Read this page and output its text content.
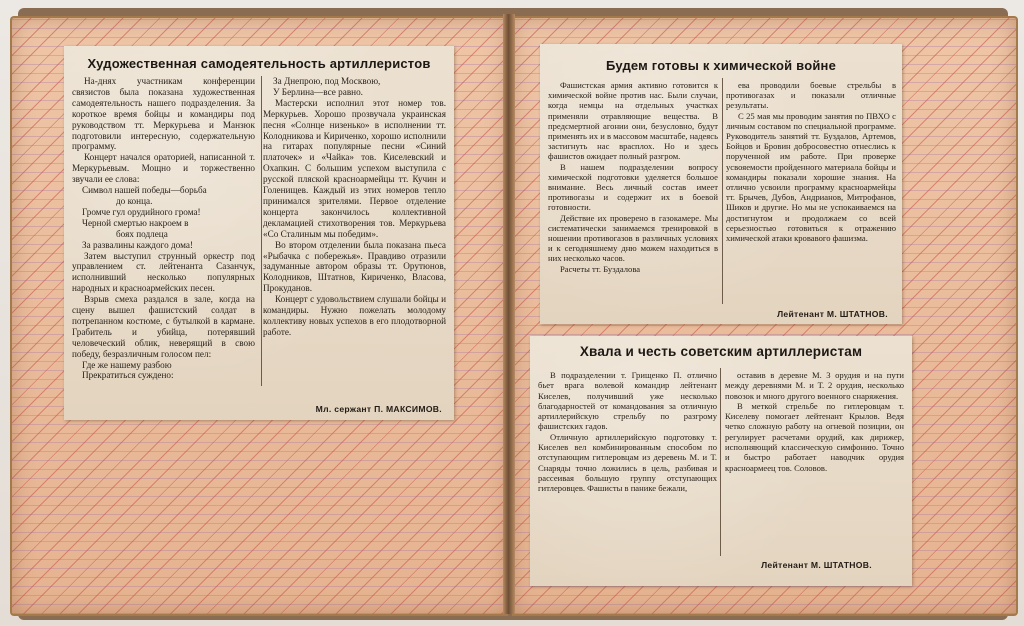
Художественная самодеятельность артиллеристов

На-днях участникам конференции связистов была показана художественная самодеятельность нашего подразделения. За короткое время бойцы и командиры под руководством тт. Меркурьева и Манзюк подготовили интересную, содержательную программу.

Концерт начался ораторией, написанной т. Меркурьевым. Мощно и торжественно звучали ее слова:

Символ нашей победы—борьба

до конца.

Громче гул орудийного грома!

Черной смертью накроем в

боях подлеца

За развалины каждого дома!

Затем выступил струнный оркестр под управлением ст. лейтенанта Сазанчук, исполнивший несколько популярных народных и красноармейских песен.

Взрыв смеха раздался в зале, когда на сцену вышел фашистский солдат в потрепанном костюме, с бутылкой в кармане. Грабитель и убийца, потерявший человеческий облик, неверящий в свою победу, безразличным голосом пел:

Где же нашему разбою

Прекратиться суждено:

За Днепрою, под Москвою,

У Берлина—все равно.

Мастерски исполнил этот номер тов. Меркурьев. Хорошо прозвучала украинская песня «Солнце низенько» в исполнении тт. Колодникова и Кириченко, хорошо исполнили на гитарах популярные песни «Синий платочек» и «Чайка» тов. Киселевский и Охапкин. С большим успехом выступила с русской пляской красноармейцы тт. Кучин и Голенищев. Каждый из этих номеров тепло принимался зрителями. Первое отделение концерта закончилось коллективной декламацией стихотворения тов. Меркурьева «Со Сталиным мы победим».

Во втором отделении была показана пьеса «Рыбачка с побережья». Правдиво отразили задуманные автором образы тт. Орутюнов, Колодников, Штатнов, Кириченко, Власова, Прокуданов.

Концерт с удовольствием слушали бойцы и командиры. Нужно пожелать молодому коллективу новых успехов в его плодотворной работе.

Мл. сержант П. МАКСИМОВ.
Будем готовы к химической войне

Фашистская армия активно готовится к химической войне против нас. Были случаи, когда немцы на отдельных участках применяли отравляющие вещества. В предсмертной агонии они, безусловно, будут применять их и в массовом масштабе, надеясь застигнуть нас врасплох. Но и здесь фашистов ожидает полный разгром.

В нашем подразделении вопросу химической подготовки уделяется большое внимание. Весь личный состав имеет противогазы и содержит их в боевой готовности.

Действие их проверено в газокамере. Мы систематически занимаемся тренировкой в ношении противогазов в различных условиях и к сегодняшнему дню можем находиться в них несколько часов.

Расчеты тт. Буздалова

ева проводили боевые стрельбы в противогазах и показали отличные результаты.

С 25 мая мы проводим занятия по ПВХО с личным составом по специальной программе. Руководитель занятий тт. Буздалов, Артемов, Бойцов и Бровин добросовестно отнеслись к порученной им работе. При проверке усвояемости пройденного материала бойцы и командиры показали хорошие знания. На отлично усвоили программу красноармейцы тт. Брычев, Дубов, Андрианов, Митрофанов, Шиков и другие. Но мы не успокаиваемся на достигнутом и продолжаем со всей серьезностью готовиться к отражению химической атаки кровавого фашизма.

Лейтенант М. ШТАТНОВ.
Хвала и честь советским артиллеристам

В подразделении т. Грищенко П. отлично бьет врага волевой командир лейтенант Киселев, получивший уже несколько благодарностей от командования за отличную артиллерийскую стрельбу по разгрому фашистских гадов.

Отличную артиллерийскую подготовку т. Киселев вел комбинированным способом по отступающим гитлеровцам из деревень М. и Т. Снаряды точно ложились в цель, разбивая и рассеивая большую группу отступающих гитлеровцев. Фашисты в панике бежали,

оставив в деревне М. 3 орудия и на пути между деревнями М. и Т. 2 орудия, несколько повозок и много другого военного снаряжения.

В меткой стрельбе по гитлеровцам т. Киселеву помогает лейтенант Крылов. Ведя четко сложную работу на огневой позиции, он регулирует расчетами орудий, как дирижер, исполняющий классическую симфонию. Точно и быстро работает наводчик орудия красноармеец тов. Соловов.

Лейтенант М. ШТАТНОВ.
